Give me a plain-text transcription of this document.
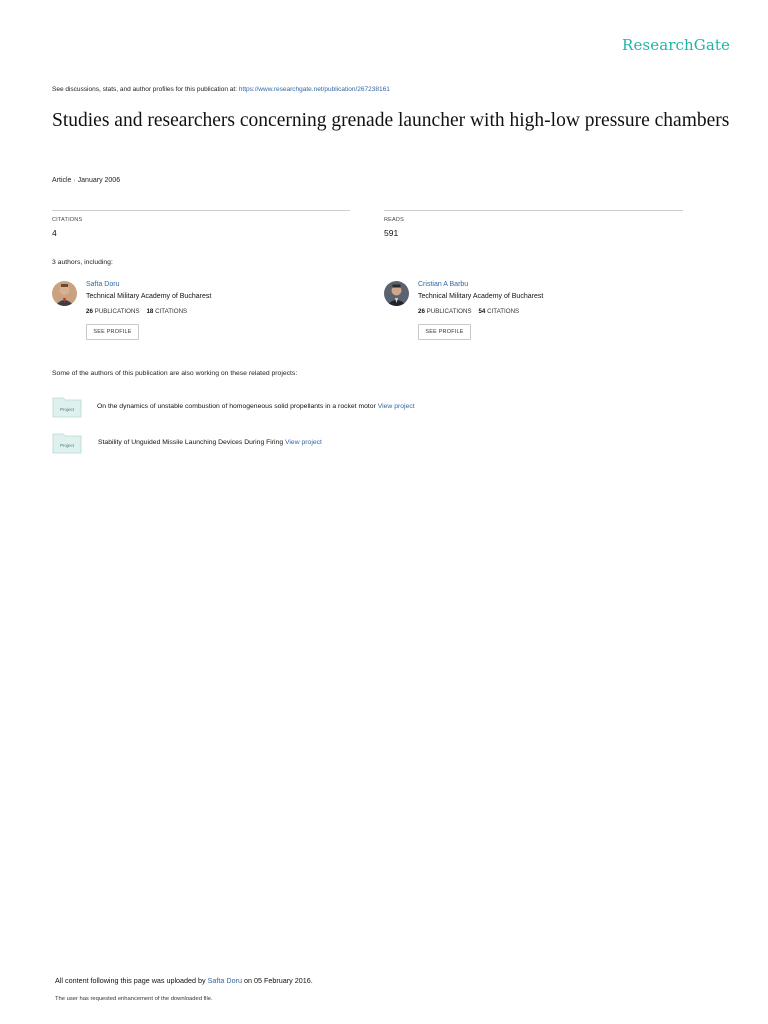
ResearchGate
See discussions, stats, and author profiles for this publication at: https://www.researchgate.net/publication/267238161
Studies and researchers concerning grenade launcher with high-low pressure chambers
Article · January 2006
CITATIONS
4
READS
591
3 authors, including:
Safta Doru
Technical Military Academy of Bucharest
26 PUBLICATIONS 18 CITATIONS
SEE PROFILE
Cristian A Barbu
Technical Military Academy of Bucharest
26 PUBLICATIONS 54 CITATIONS
SEE PROFILE
Some of the authors of this publication are also working on these related projects:
Project	On the dynamics of unstable combustion of homogeneous solid propellants in a rocket motor View project
Project	Stability of Unguided Missile Launching Devices During Firing View project
All content following this page was uploaded by Safta Doru on 05 February 2016.
The user has requested enhancement of the downloaded file.
